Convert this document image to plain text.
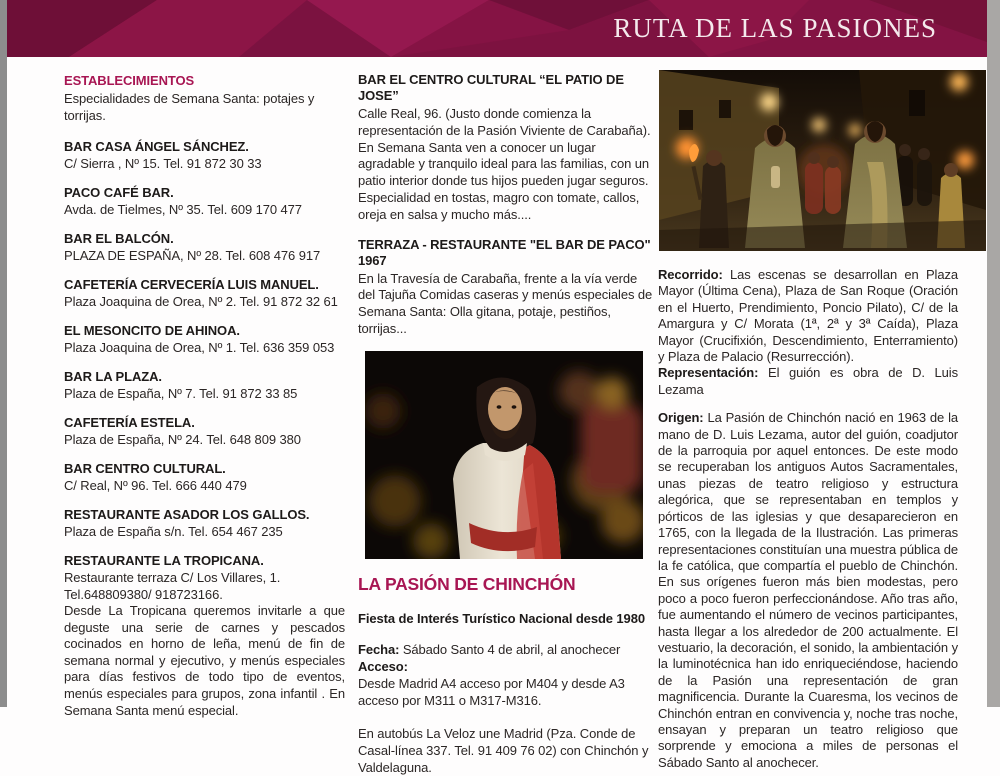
RUTA DE LAS PASIONES
ESTABLECIMIENTOS

Especialidades de Semana Santa: potajes y torrijas.

BAR CASA ÁNGEL SÁNCHEZ.
C/ Sierra , Nº 15. Tel. 91 872 30 33
PACO CAFÉ BAR.
Avda. de Tielmes, Nº 35. Tel. 609 170 477
BAR EL BALCÓN.
PLAZA DE ESPAÑA, Nº 28. Tel. 608 476 917
CAFETERÍA CERVECERÍA LUIS MANUEL.
Plaza Joaquina de Orea, Nº 2. Tel. 91 872 32 61
EL MESONCITO DE AHINOA.
Plaza Joaquina de Orea, Nº 1. Tel. 636 359 053
BAR LA PLAZA.
Plaza de España, Nº 7. Tel. 91 872 33 85
CAFETERÍA ESTELA.
Plaza de España, Nº 24. Tel. 648 809 380
BAR CENTRO CULTURAL.
C/ Real, Nº 96. Tel. 666 440 479
RESTAURANTE ASADOR LOS GALLOS.
Plaza de España s/n. Tel. 654 467 235
RESTAURANTE LA TROPICANA.
Restaurante terraza C/ Los Villares, 1.
Tel.648809380/ 918723166.

Desde La Tropicana queremos invitarle a que deguste una serie de carnes y pescados cocinados en horno de leña, menú de fin de semana normal y ejecutivo, y menús especiales para días festivos de todo tipo de eventos, menús especiales para grupos, zona infantil . En Semana Santa menú especial.

BAR EL CENTRO CULTURAL “EL PATIO DE JOSE”

Calle Real, 96. (Justo donde comienza la representación de la Pasión Viviente de Carabaña). En Semana Santa ven a conocer un lugar agradable y tranquilo ideal para las familias, con un patio interior donde tus hijos pueden jugar seguros. Especialidad en tostas, magro con tomate, callos, oreja en salsa y mucho más....

TERRAZA - RESTAURANTE "EL BAR DE PACO" 1967

En la Travesía de Carabaña, frente a la vía verde del Tajuña Comidas caseras y menús especiales de Semana Santa: Olla gitana, potaje, pestiños, torrijas...

LA PASIÓN DE CHINCHÓN

Fiesta de Interés Turístico Nacional desde 1980

Fecha: Sábado Santo 4 de abril, al anochecer
Acceso:
Desde Madrid A4 acceso por M404 y desde A3 acceso por M311 o M317-M316.

En autobús La Veloz une Madrid (Pza. Conde de Casal-línea 337. Tel. 91 409 76 02) con Chinchón y Valdelaguna.

Recorrido: Las escenas se desarrollan en Plaza Mayor (Última Cena), Plaza de San Roque (Oración en el Huerto, Prendimiento, Poncio Pilato), C/ de la Amargura y C/ Morata (1ª, 2ª y 3ª Caída), Plaza Mayor (Crucifixión, Descendimiento, Enterramiento) y Plaza de Palacio (Resurrección).
Representación: El guión es obra de D. Luis Lezama

Origen: La Pasión de Chinchón nació en 1963 de la mano de D. Luis Lezama, autor del guión, coadjutor de la parroquia por aquel entonces. De este modo se recuperaban los antiguos Autos Sacramentales, unas piezas de teatro religioso y estructura alegórica, que se representaban en templos y pórticos de las iglesias y que desaparecieron en 1765, con la llegada de la Ilustración. Las primeras representaciones constituían una muestra pública de la fe católica, que compartía el pueblo de Chinchón. En sus orígenes fueron más bien modestas, pero poco a poco fueron perfeccionándose. Año tras año, fue aumentando el número de vecinos participantes, hasta llegar a los alrededor de 200 actualmente. El vestuario, la decoración, el sonido, la ambientación y la luminotécnica han ido enriqueciéndose, haciendo de la Pasión una representación de gran magnificencia. Durante la Cuaresma, los vecinos de Chinchón entran en convivencia y, noche tras noche, ensayan y preparan un teatro religioso que sorprende y emociona a miles de personas el Sábado Santo al anochecer.
